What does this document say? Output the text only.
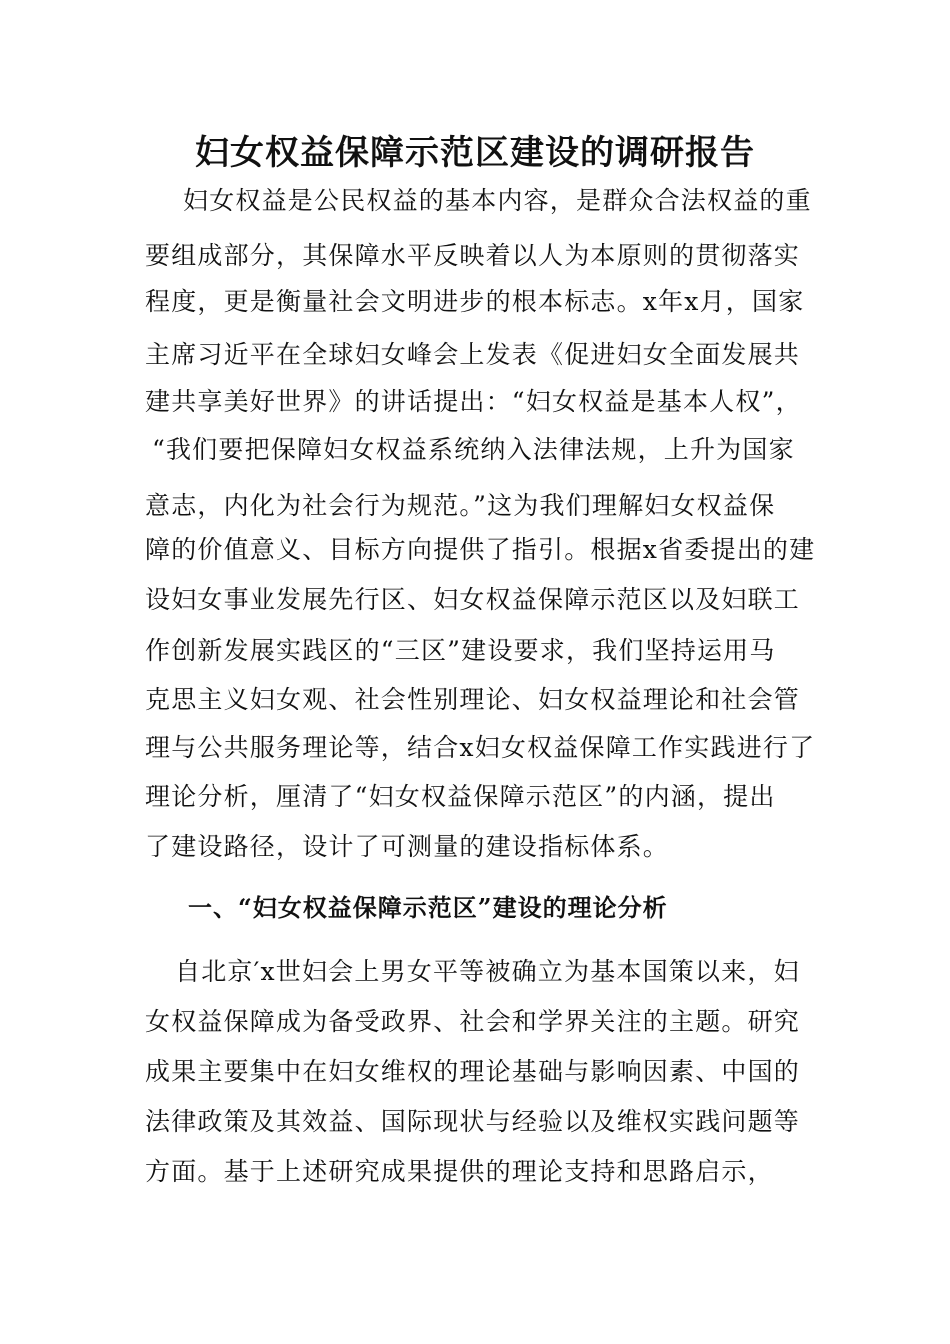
妇女权益保障示范区建设的调研报告
妇女权益是公民权益的基本内容，是群众合法权益的重
要组成部分，其保障水平反映着以人为本原则的贯彻落实
程度，更是衡量社会文明进步的根本标志。x年x月，国家
主席习近平在全球妇女峰会上发表《促进妇女全面发展共
建共享美好世界》的讲话提出：“妇女权益是基本人权”，
“我们要把保障妇女权益系统纳入法律法规，上升为国家
意志，内化为社会行为规范。”这为我们理解妇女权益保
障的价值意义、目标方向提供了指引。根据x省委提出的建
设妇女事业发展先行区、妇女权益保障示范区以及妇联工
作创新发展实践区的“三区”建设要求，我们坚持运用马
克思主义妇女观、社会性别理论、妇女权益理论和社会管
理与公共服务理论等，结合x妇女权益保障工作实践进行了
理论分析，厘清了“妇女权益保障示范区”的内涵，提出
了建设路径，设计了可测量的建设指标体系。
一、“妇女权益保障示范区”建设的理论分析
自北京′x世妇会上男女平等被确立为基本国策以来，妇
女权益保障成为备受政界、社会和学界关注的主题。研究
成果主要集中在妇女维权的理论基础与影响因素、中国的
法律政策及其效益、国际现状与经验以及维权实践问题等
方面。基于上述研究成果提供的理论支持和思路启示，
